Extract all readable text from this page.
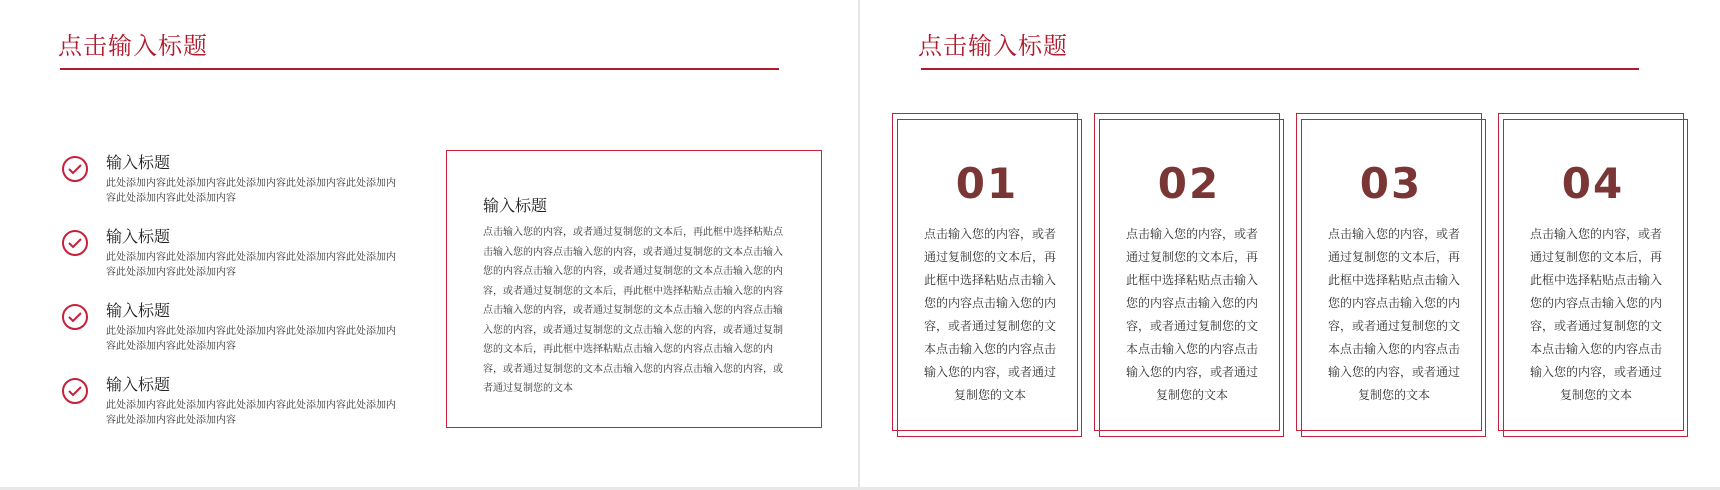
点击输入标题
输入标题
此处添加内容此处添加内容此处添加内容此处添加内容此处添加内容此处添加内容此处添加内容
输入标题
此处添加内容此处添加内容此处添加内容此处添加内容此处添加内容此处添加内容此处添加内容
输入标题
此处添加内容此处添加内容此处添加内容此处添加内容此处添加内容此处添加内容此处添加内容
输入标题
此处添加内容此处添加内容此处添加内容此处添加内容此处添加内容此处添加内容此处添加内容
输入标题
点击输入您的内容，或者通过复制您的文本后，再此框中选择粘贴点击输入您的内容点击输入您的内容，或者通过复制您的文本点击输入您的内容点击输入您的内容，或者通过复制您的文本点击输入您的内容，或者通过复制您的文本后，再此框中选择粘贴点击输入您的内容点击输入您的内容，或者通过复制您的文本点击输入您的内容点击输入您的内容，或者通过复制您的文点击输入您的内容，或者通过复制您的文本后，再此框中选择粘贴点击输入您的内容点击输入您的内容，或者通过复制您的文本点击输入您的内容点击输入您的内容，或者通过复制您的文本
点击输入标题
01
点击输入您的内容，或者通过复制您的文本后，再此框中选择粘贴点击输入您的内容点击输入您的内容，或者通过复制您的文本点击输入您的内容点击输入您的内容，或者通过复制您的文本
02
点击输入您的内容，或者通过复制您的文本后，再此框中选择粘贴点击输入您的内容点击输入您的内容，或者通过复制您的文本点击输入您的内容点击输入您的内容，或者通过复制您的文本
03
点击输入您的内容，或者通过复制您的文本后，再此框中选择粘贴点击输入您的内容点击输入您的内容，或者通过复制您的文本点击输入您的内容点击输入您的内容，或者通过复制您的文本
04
点击输入您的内容，或者通过复制您的文本后，再此框中选择粘贴点击输入您的内容点击输入您的内容，或者通过复制您的文本点击输入您的内容点击输入您的内容，或者通过复制您的文本
